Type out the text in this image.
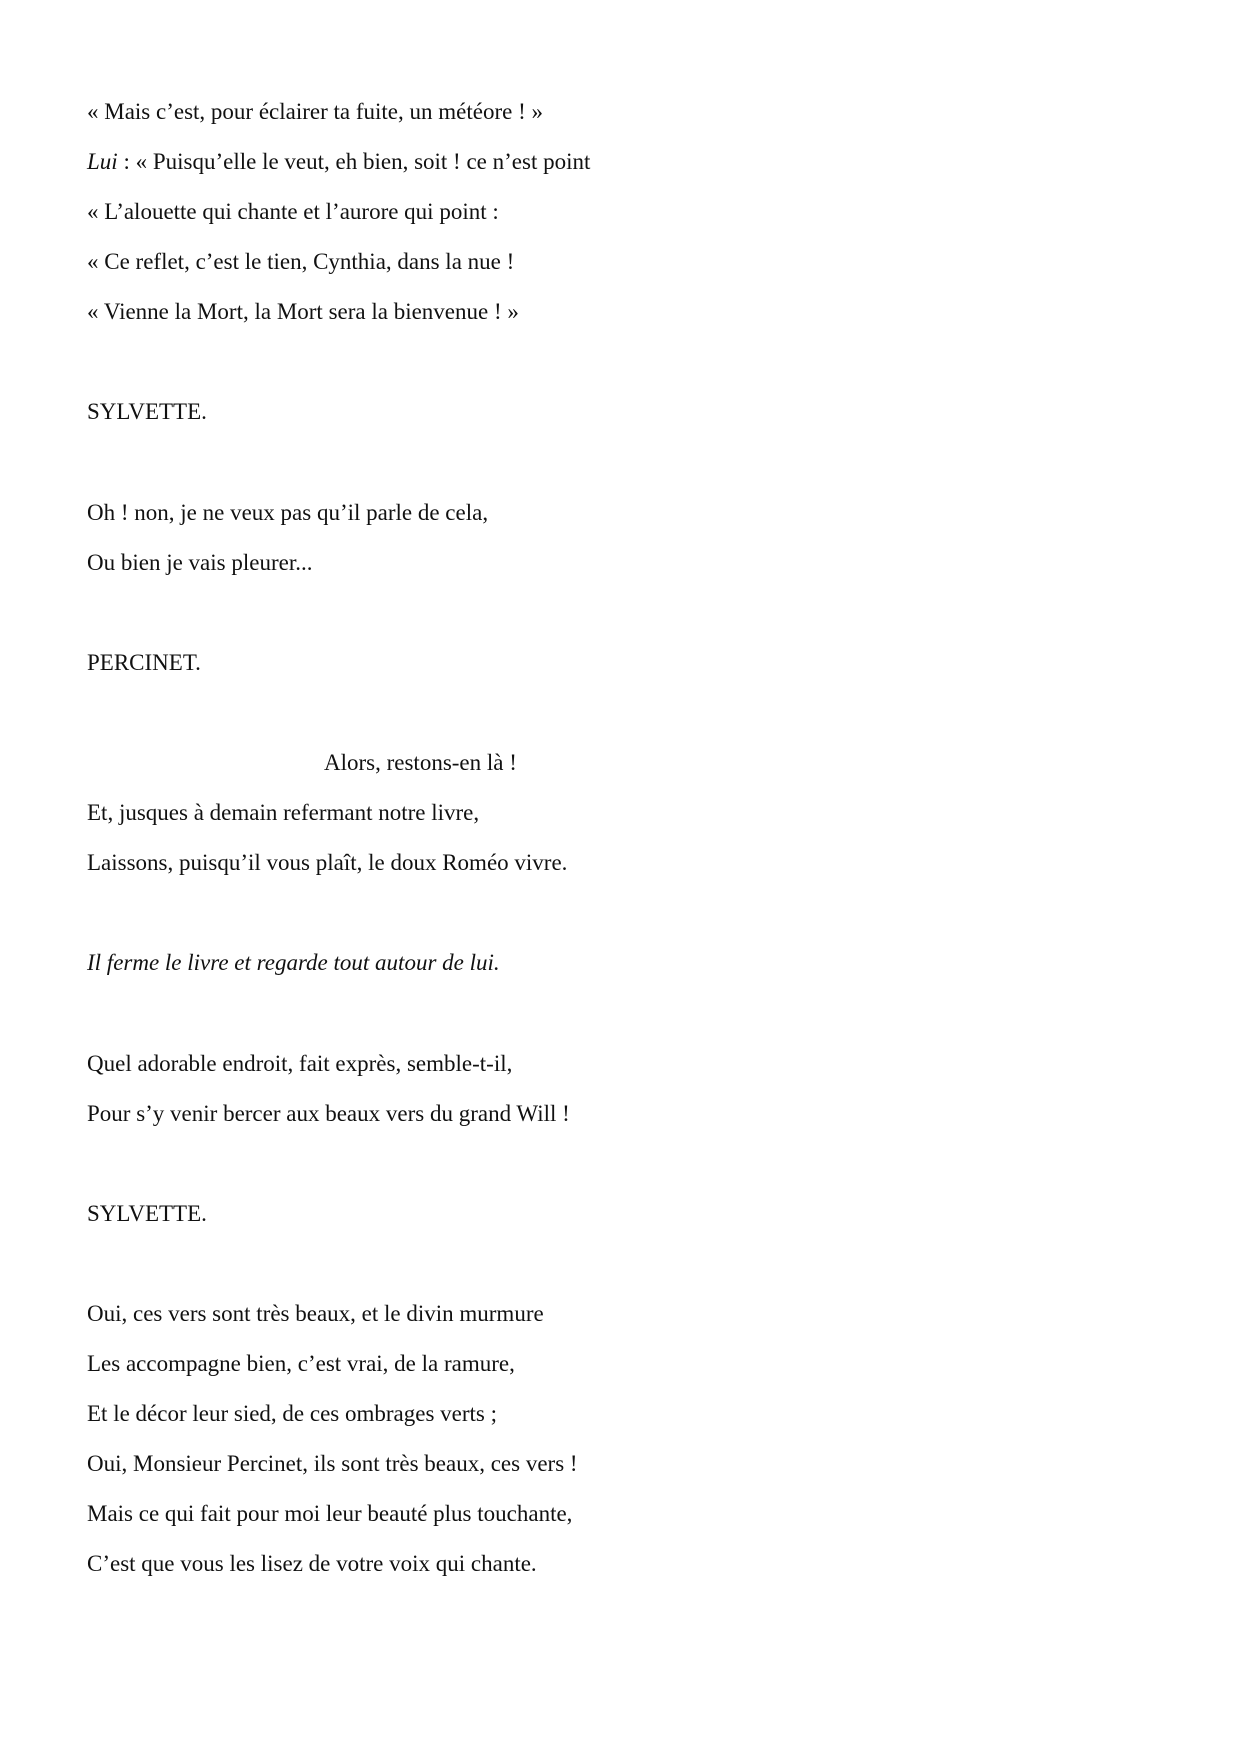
« Mais c’est, pour éclairer ta fuite, un météore ! »
Lui : « Puisqu’elle le veut, eh bien, soit ! ce n’est point
« L’alouette qui chante et l’aurore qui point :
« Ce reflet, c’est le tien, Cynthia, dans la nue !
« Vienne la Mort, la Mort sera la bienvenue ! »
SYLVETTE.
Oh ! non, je ne veux pas qu’il parle de cela,
Ou bien je vais pleurer...
PERCINET.
Alors, restons-en là !
Et, jusques à demain refermant notre livre,
Laissons, puisqu’il vous plaît, le doux Roméo vivre.
Il ferme le livre et regarde tout autour de lui.
Quel adorable endroit, fait exprès, semble-t-il,
Pour s’y venir bercer aux beaux vers du grand Will !
SYLVETTE.
Oui, ces vers sont très beaux, et le divin murmure
Les accompagne bien, c’est vrai, de la ramure,
Et le décor leur sied, de ces ombrages verts ;
Oui, Monsieur Percinet, ils sont très beaux, ces vers !
Mais ce qui fait pour moi leur beauté plus touchante,
C’est que vous les lisez de votre voix qui chante.
